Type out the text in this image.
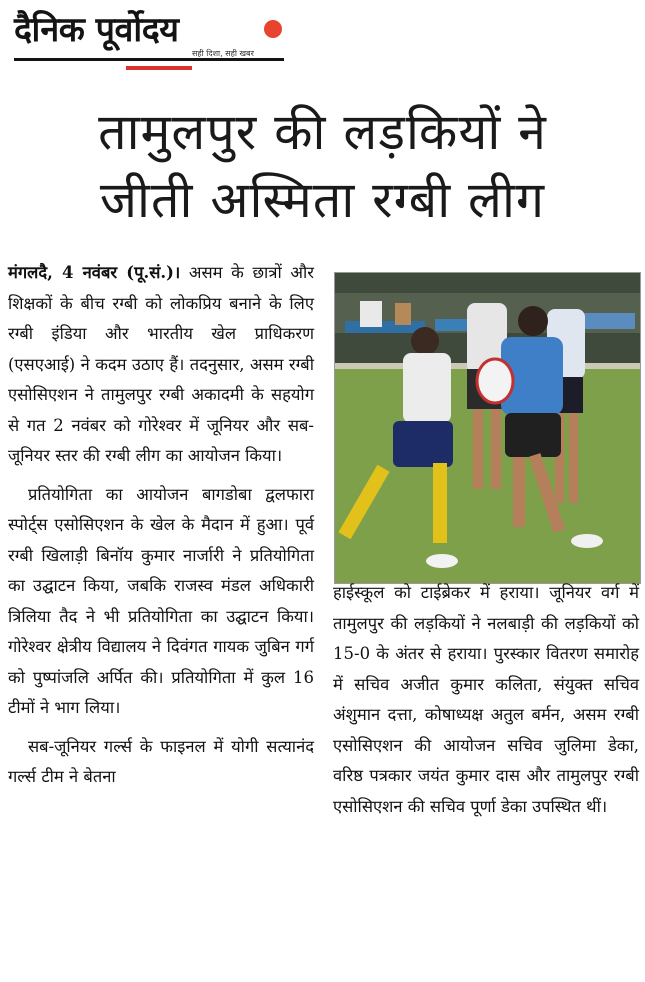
दैनिक पूर्वोदय
सही दिशा, सही खबर
तामुलपुर की लड़कियों ने
जीती अस्मिता रग्बी लीग

मंगलदै, 4 नवंबर (पू.सं.)। असम के छात्रों और शिक्षकों के बीच रग्बी को लोकप्रिय बनाने के लिए रग्बी इंडिया और भारतीय खेल प्राधिकरण (एसएआई) ने कदम उठाए हैं। तदनुसार, असम रग्बी एसोसिएशन ने तामुलपुर रग्बी अकादमी के सहयोग से गत 2 नवंबर को गोरेश्वर में जूनियर और सब-जूनियर स्तर की रग्बी लीग का आयोजन किया।

प्रतियोगिता का आयोजन बागडोबा द्वलफारा स्पोर्ट्स एसोसिएशन के खेल के मैदान में हुआ। पूर्व रग्बी खिलाड़ी बिनॉय कुमार नार्जारी ने प्रतियोगिता का उद्घाटन किया, जबकि राजस्व मंडल अधिकारी त्रिलिया तैद ने भी प्रतियोगिता का उद्घाटन किया। गोरेश्वर क्षेत्रीय विद्यालय ने दिवंगत गायक जुबिन गर्ग को पुष्पांजलि अर्पित की। प्रतियोगिता में कुल 16 टीमों ने भाग लिया।

सब-जूनियर गर्ल्स के फाइनल में योगी सत्यानंद गर्ल्स टीम ने बेतना

हाईस्कूल को टाईब्रेकर में हराया। जूनियर वर्ग में तामुलपुर की लड़कियों ने नलबाड़ी की लड़कियों को 15-0 के अंतर से हराया। पुरस्कार वितरण समारोह में सचिव अजीत कुमार कलिता, संयुक्त सचिव अंशुमान दत्ता, कोषाध्यक्ष अतुल बर्मन, असम रग्बी एसोसिएशन की आयोजन सचिव जुलिमा डेका, वरिष्ठ पत्रकार जयंत कुमार दास और तामुलपुर रग्बी एसोसिएशन की सचिव पूर्णा डेका उपस्थित थीं।
